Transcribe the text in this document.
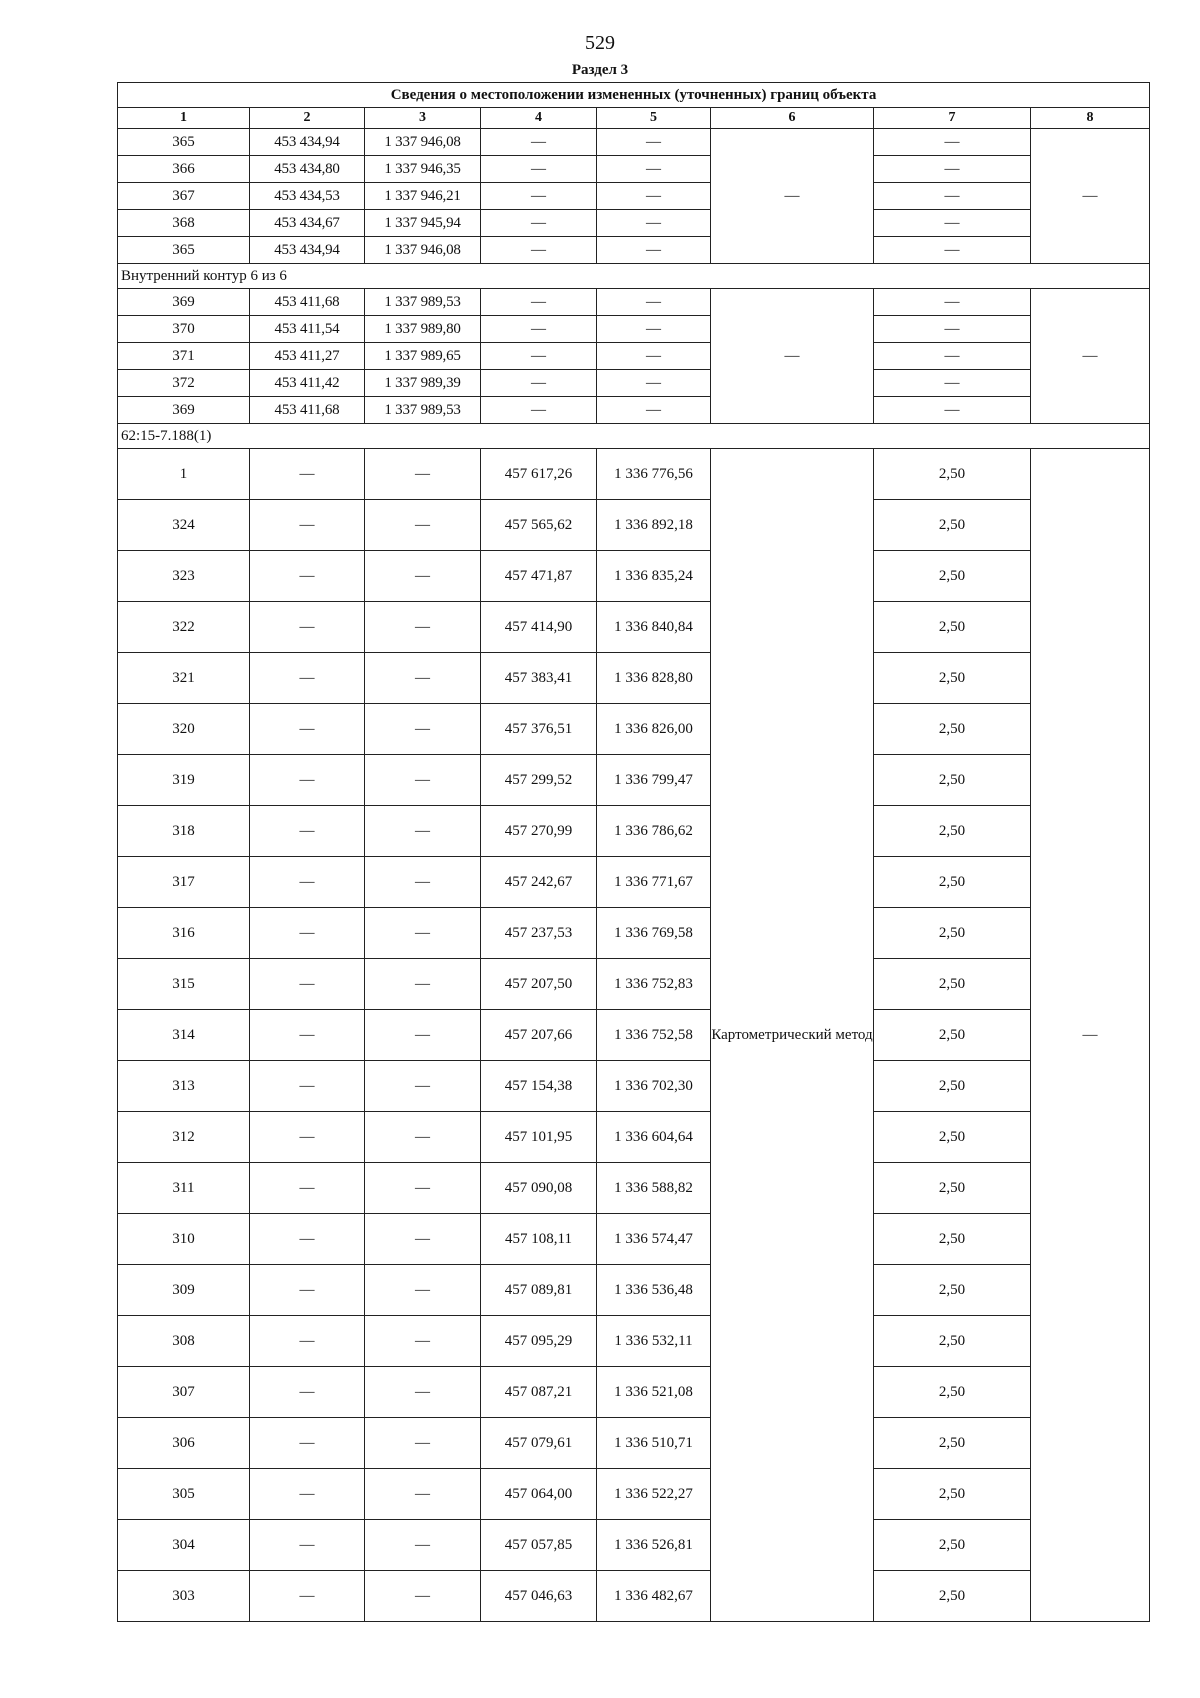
529
Раздел 3
Сведения о местоположении измененных (уточненных) границ объекта							
1	2	3	4	5	6	7	8
365	453 434,94	1 337 946,08	—	—	—	—	—
366	453 434,80	1 337 946,35	—	—		—	
367	453 434,53	1 337 946,21	—	—		—	
368	453 434,67	1 337 945,94	—	—		—	
365	453 434,94	1 337 946,08	—	—		—	
Внутренний контур 6 из 6							
369	453 411,68	1 337 989,53	—	—	—	—	—
370	453 411,54	1 337 989,80	—	—		—	
371	453 411,27	1 337 989,65	—	—		—	
372	453 411,42	1 337 989,39	—	—		—	
369	453 411,68	1 337 989,53	—	—		—	
62:15-7.188(1)							
1	—	—	457 617,26	1 336 776,56	Картометрический метод	2,50	—
324	—	—	457 565,62	1 336 892,18		2,50	
323	—	—	457 471,87	1 336 835,24		2,50	
322	—	—	457 414,90	1 336 840,84		2,50	
321	—	—	457 383,41	1 336 828,80		2,50	
320	—	—	457 376,51	1 336 826,00		2,50	
319	—	—	457 299,52	1 336 799,47		2,50	
318	—	—	457 270,99	1 336 786,62		2,50	
317	—	—	457 242,67	1 336 771,67		2,50	
316	—	—	457 237,53	1 336 769,58		2,50	
315	—	—	457 207,50	1 336 752,83		2,50	
314	—	—	457 207,66	1 336 752,58		2,50	
313	—	—	457 154,38	1 336 702,30		2,50	
312	—	—	457 101,95	1 336 604,64		2,50	
311	—	—	457 090,08	1 336 588,82		2,50	
310	—	—	457 108,11	1 336 574,47		2,50	
309	—	—	457 089,81	1 336 536,48		2,50	
308	—	—	457 095,29	1 336 532,11		2,50	
307	—	—	457 087,21	1 336 521,08		2,50	
306	—	—	457 079,61	1 336 510,71		2,50	
305	—	—	457 064,00	1 336 522,27		2,50	
304	—	—	457 057,85	1 336 526,81		2,50	
303	—	—	457 046,63	1 336 482,67		2,50	
